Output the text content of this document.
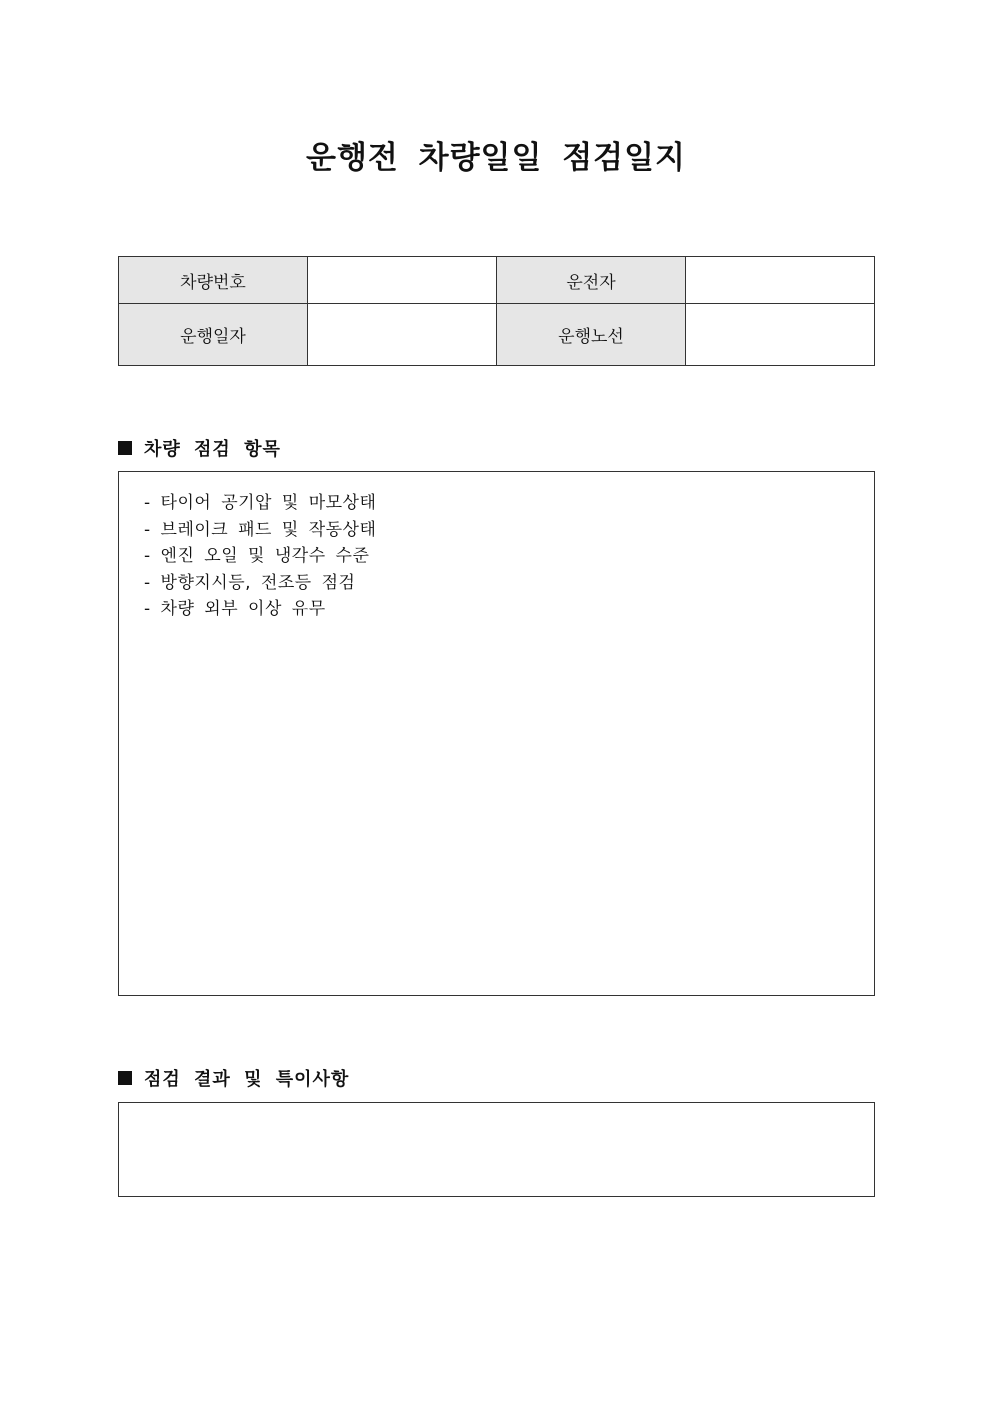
운행전 차량일일 점검일지
차량번호		운전자	
운행일자		운행노선	
차량 점검 항목
- 타이어 공기압 및 마모상태
- 브레이크 패드 및 작동상태
- 엔진 오일 및 냉각수 수준
- 방향지시등, 전조등 점검
- 차량 외부 이상 유무
점검 결과 및 특이사항
